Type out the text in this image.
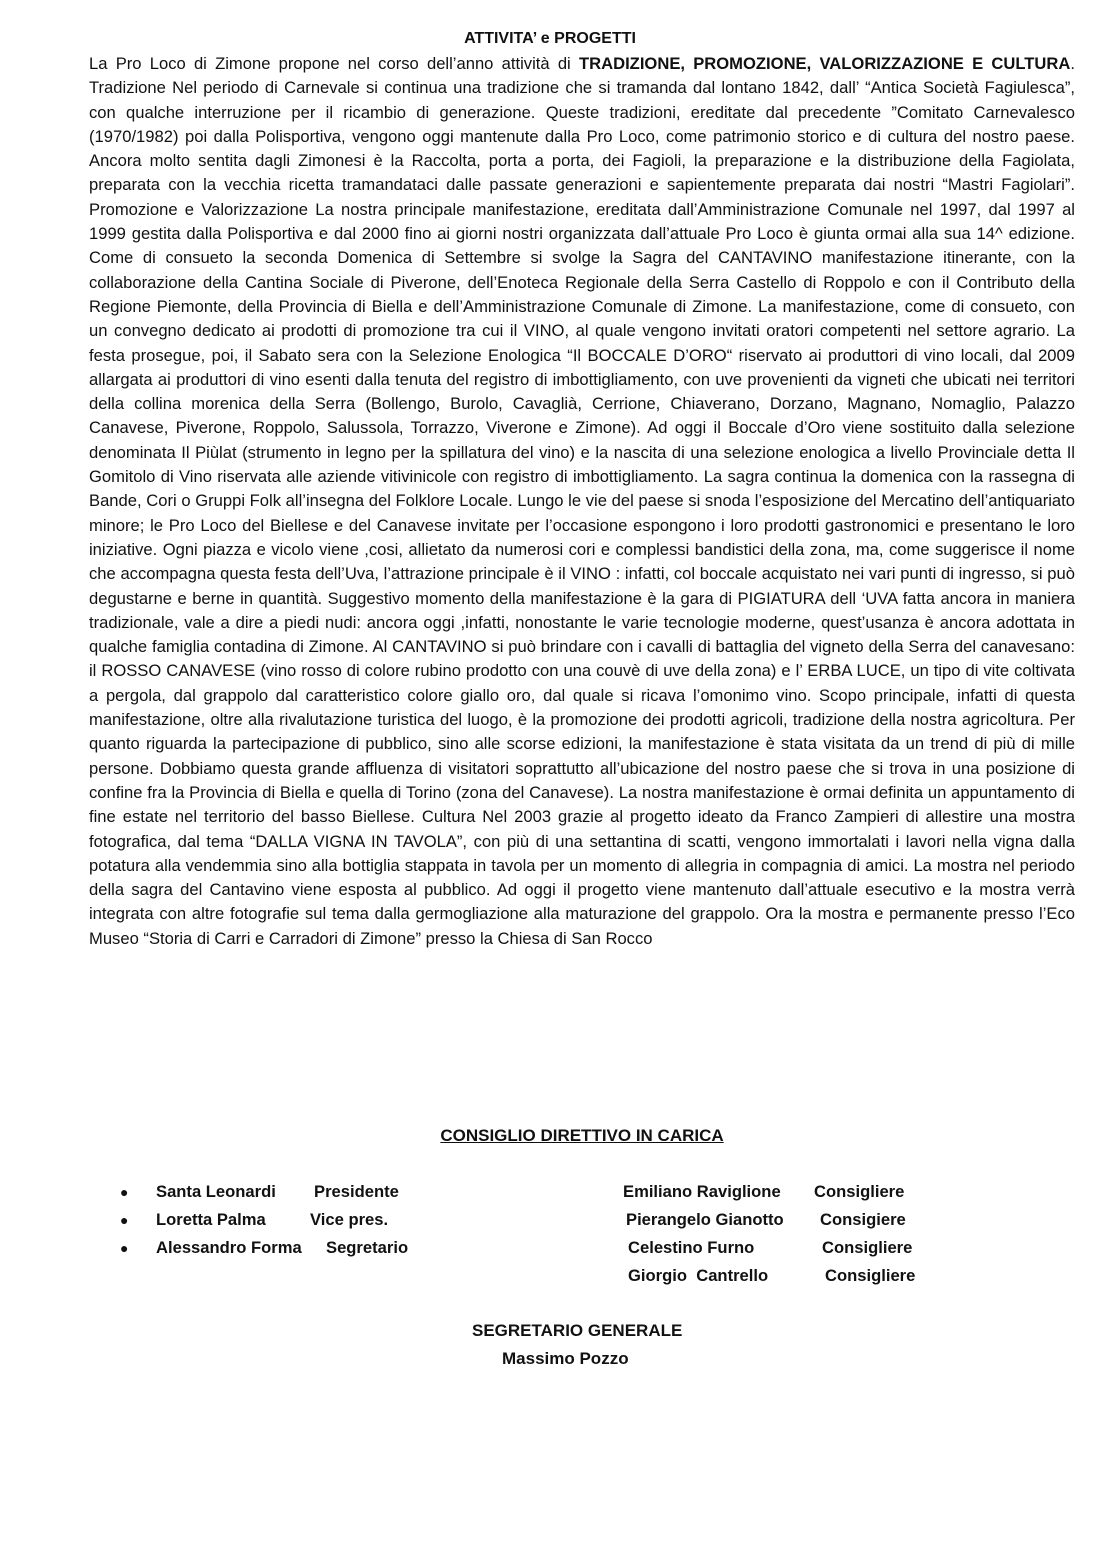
ATTIVITA’ e PROGETTI

La Pro Loco di Zimone propone nel corso dell’anno attività di TRADIZIONE, PROMOZIONE, VALORIZZAZIONE E CULTURA. Tradizione Nel periodo di Carnevale si continua una tradizione che si tramanda dal lontano 1842, dall’ “Antica Società Fagiulesca”, con qualche interruzione per il ricambio di generazione. Queste tradizioni, ereditate dal precedente ”Comitato Carnevalesco (1970/1982) poi dalla Polisportiva, vengono oggi mantenute dalla Pro Loco, come patrimonio storico e di cultura del nostro paese. Ancora molto sentita dagli Zimonesi è la Raccolta, porta a porta, dei Fagioli, la preparazione e la distribuzione della Fagiolata, preparata con la vecchia ricetta tramandataci dalle passate generazioni e sapientemente preparata dai nostri “Mastri Fagiolari”. Promozione e Valorizzazione La nostra principale manifestazione, ereditata dall’Amministrazione Comunale nel 1997, dal 1997 al 1999 gestita dalla Polisportiva e dal 2000 fino ai giorni nostri organizzata dall’attuale Pro Loco è giunta ormai alla sua 14^ edizione. Come di consueto la seconda Domenica di Settembre si svolge la Sagra del CANTAVINO manifestazione itinerante, con la collaborazione della Cantina Sociale di Piverone, dell’Enoteca Regionale della Serra Castello di Roppolo e con il Contributo della Regione Piemonte, della Provincia di Biella e dell’Amministrazione Comunale di Zimone. La manifestazione, come di consueto, con un convegno dedicato ai prodotti di promozione tra cui il VINO, al quale vengono invitati oratori competenti nel settore agrario. La festa prosegue, poi, il Sabato sera con la Selezione Enologica “Il BOCCALE D’ORO“ riservato ai produttori di vino locali, dal 2009 allargata ai produttori di vino esenti dalla tenuta del registro di imbottigliamento, con uve provenienti da vigneti che ubicati nei territori della collina morenica della Serra (Bollengo, Burolo, Cavaglià, Cerrione, Chiaverano, Dorzano, Magnano, Nomaglio, Palazzo Canavese, Piverone, Roppolo, Salussola, Torrazzo, Viverone e Zimone). Ad oggi il Boccale d’Oro viene sostituito dalla selezione denominata Il Piùlat (strumento in legno per la spillatura del vino) e la nascita di una selezione enologica a livello Provinciale detta Il Gomitolo di Vino riservata alle aziende vitivinicole con registro di imbottigliamento. La sagra continua la domenica con la rassegna di Bande, Cori o Gruppi Folk all’insegna del Folklore Locale. Lungo le vie del paese si snoda l’esposizione del Mercatino dell’antiquariato minore; le Pro Loco del Biellese e del Canavese invitate per l’occasione espongono i loro prodotti gastronomici e presentano le loro iniziative. Ogni piazza e vicolo viene ,cosi, allietato da numerosi cori e complessi bandistici della zona, ma, come suggerisce il nome che accompagna questa festa dell’Uva, l’attrazione principale è il VINO : infatti, col boccale acquistato nei vari punti di ingresso, si può degustarne e berne in quantità. Suggestivo momento della manifestazione è la gara di PIGIATURA dell ‘UVA fatta ancora in maniera tradizionale, vale a dire a piedi nudi: ancora oggi ,infatti, nonostante le varie tecnologie moderne, quest’usanza è ancora adottata in qualche famiglia contadina di Zimone. Al CANTAVINO si può brindare con i cavalli di battaglia del vigneto della Serra del canavesano: il ROSSO CANAVESE (vino rosso di colore rubino prodotto con una couvè di uve della zona) e l’ ERBA LUCE, un tipo di vite coltivata a pergola, dal grappolo dal caratteristico colore giallo oro, dal quale si ricava l’omonimo vino. Scopo principale, infatti di questa manifestazione, oltre alla rivalutazione turistica del luogo, è la promozione dei prodotti agricoli, tradizione della nostra agricoltura. Per quanto riguarda la partecipazione di pubblico, sino alle scorse edizioni, la manifestazione è stata visitata da un trend di più di mille persone. Dobbiamo questa grande affluenza di visitatori soprattutto all’ubicazione del nostro paese che si trova in una posizione di confine fra la Provincia di Biella e quella di Torino (zona del Canavese). La nostra manifestazione è ormai definita un appuntamento di fine estate nel territorio del basso Biellese. Cultura Nel 2003 grazie al progetto ideato da Franco Zampieri di allestire una mostra fotografica, dal tema “DALLA VIGNA IN TAVOLA”, con più di una settantina di scatti, vengono immortalati i lavori nella vigna dalla potatura alla vendemmia sino alla bottiglia stappata in tavola per un momento di allegria in compagnia di amici. La mostra nel periodo della sagra del Cantavino viene esposta al pubblico. Ad oggi il progetto viene mantenuto dall’attuale esecutivo e la mostra verrà integrata con altre fotografie sul tema dalla germogliazione alla maturazione del grappolo. Ora la mostra e permanente presso l’Eco Museo “Storia di Carri e Carradori di Zimone” presso la Chiesa di San Rocco

CONSIGLIO DIRETTIVO IN CARICA
● Santa Leonardi Presidente
● Loretta Palma	Vice pres.
● Alessandro Forma Segretario
Emiliano Raviglione Consigliere
Pierangelo Gianotto Consigiere
Celestino Furno	Consigliere
Giorgio  Cantrello	Consigliere
SEGRETARIO GENERALE
Massimo Pozzo
